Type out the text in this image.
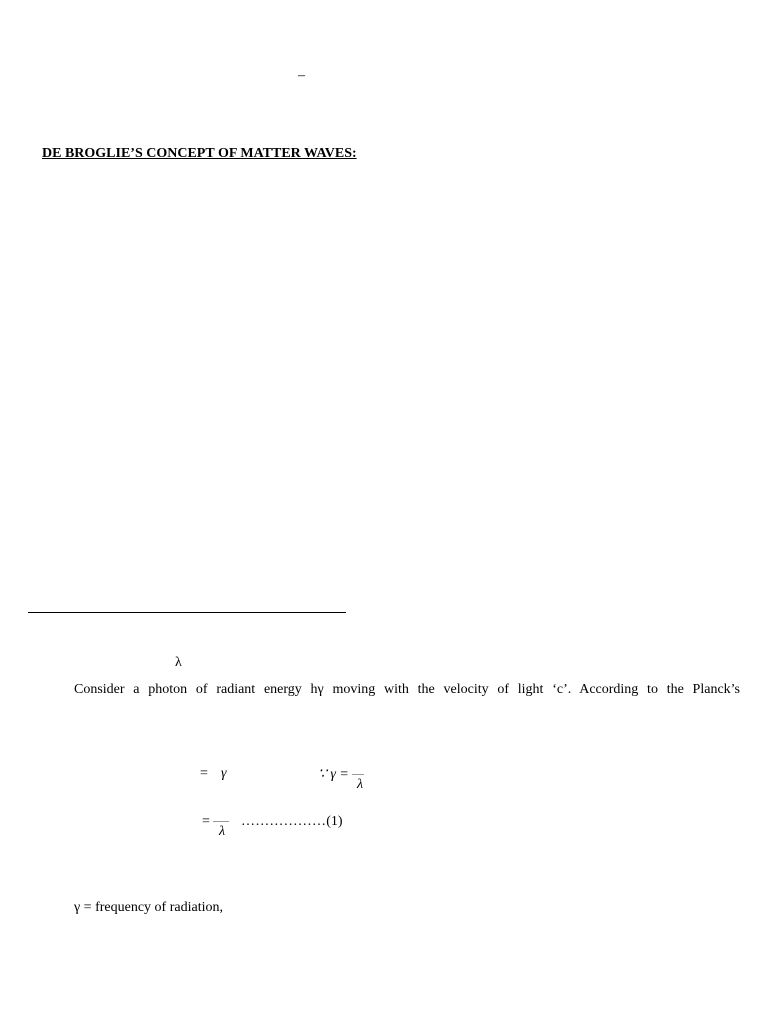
–
DE BROGLIE’S CONCEPT OF MATTER WAVES:
λ
Consider a photon of radiant energy hγ moving with the velocity of light ‘c’. According to the Planck’s
= γ	∵ γ =
λ
=
λ
………………(1)
γ = frequency of radiation,
